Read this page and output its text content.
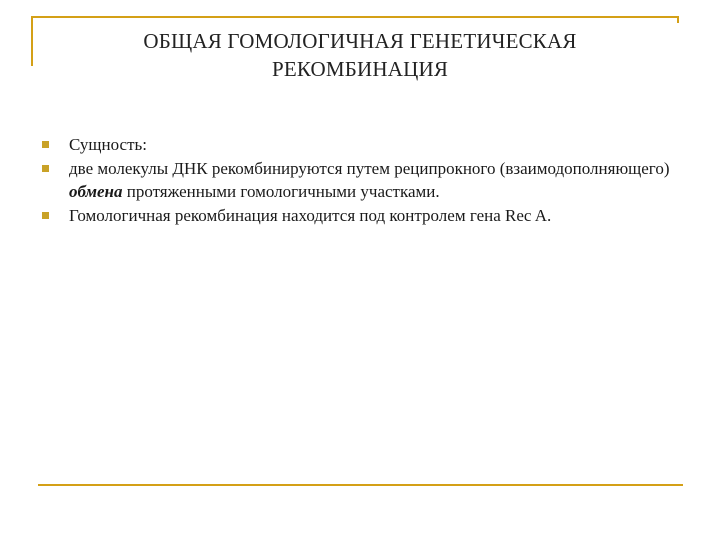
ОБЩАЯ ГОМОЛОГИЧНАЯ ГЕНЕТИЧЕСКАЯ
РЕКОМБИНАЦИЯ
Сущность:
две молекулы ДНК рекомбинируются путем реципрокного (взаимодополняющего) обмена протяженными гомологичными участками.
Гомологичная рекомбинация находится под контролем гена Rec A.
